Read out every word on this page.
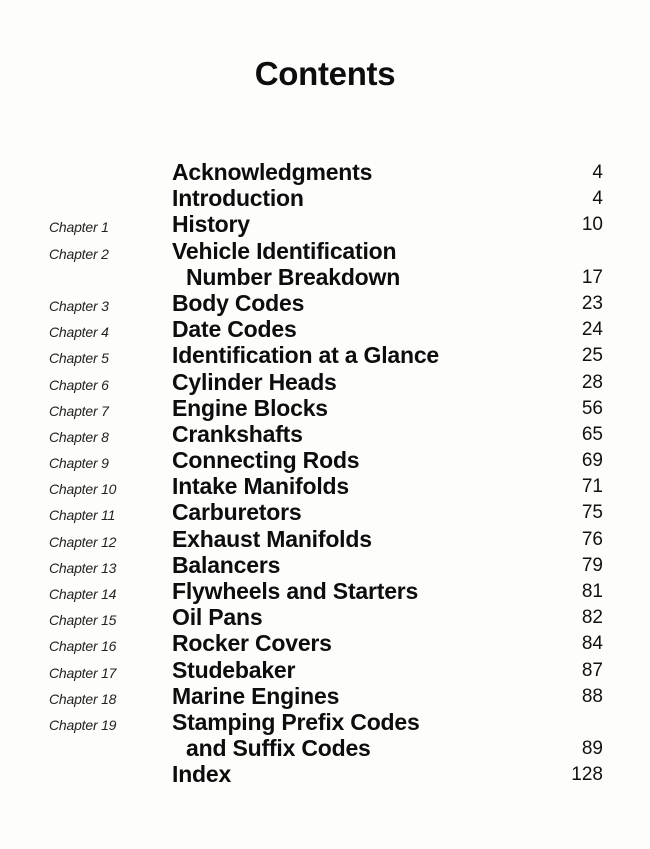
Contents
Acknowledgments	4
Introduction	4
Chapter 1	History	10
Chapter 2	Vehicle Identification
Number Breakdown	17
Chapter 3	Body Codes	23
Chapter 4	Date Codes	24
Chapter 5	Identification at a Glance	25
Chapter 6	Cylinder Heads	28
Chapter 7	Engine Blocks	56
Chapter 8	Crankshafts	65
Chapter 9	Connecting Rods	69
Chapter 10 Intake Manifolds	71
Chapter 11 Carburetors	75
Chapter 12 Exhaust Manifolds	76
Chapter 13 Balancers	79
Chapter 14 Flywheels and Starters	81
Chapter 15 Oil Pans	82
Chapter 16 Rocker Covers	84
Chapter 17 Studebaker	87
Chapter 18 Marine Engines	88
Chapter 19 Stamping Prefix Codes
and Suffix Codes	89
Index	128
